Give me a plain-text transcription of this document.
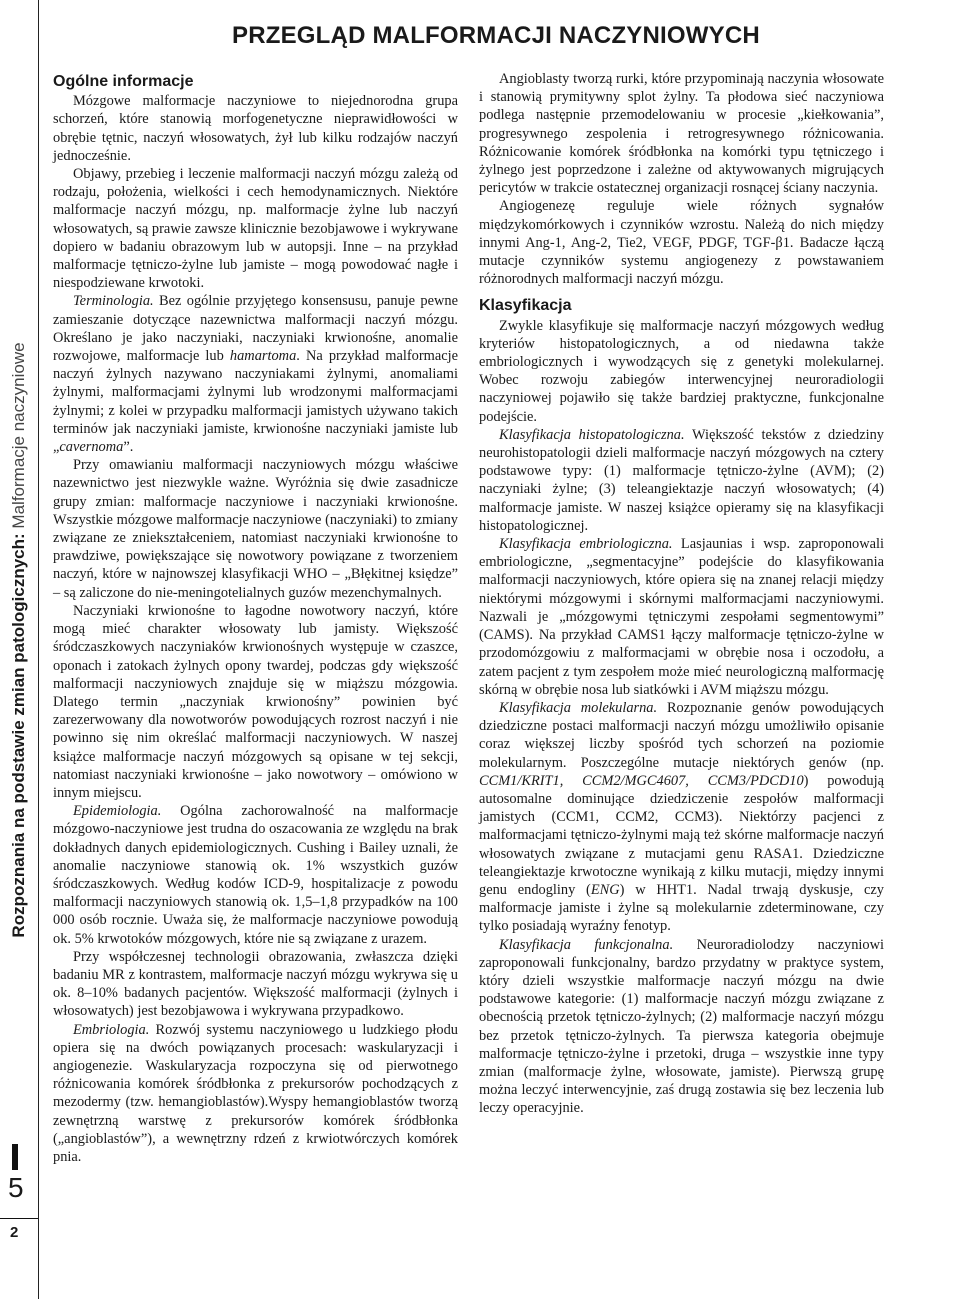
Rozpoznania na podstawie zmian patologicznych: Malformacje naczyniowe
5
2
PRZEGLĄD MALFORMACJI NACZYNIOWYCH
Ogólne informacje

Mózgowe malformacje naczyniowe to niejednorodna grupa schorzeń, które stanowią morfogenetyczne nieprawidłowości w obrębie tętnic, naczyń włosowatych, żył lub kilku rodzajów naczyń jednocześnie.

Objawy, przebieg i leczenie malformacji naczyń mózgu zależą od rodzaju, położenia, wielkości i cech hemodynamicznych. Niektóre malformacje naczyń mózgu, np. malformacje żylne lub naczyń włosowatych, są prawie zawsze klinicznie bezobjawowe i wykrywane dopiero w badaniu obrazowym lub w autopsji. Inne – na przykład malformacje tętniczo-żylne lub jamiste – mogą powodować nagłe i niespodziewane krwotoki.

Terminologia. Bez ogólnie przyjętego konsensusu, panuje pewne zamieszanie dotyczące nazewnictwa malformacji naczyń mózgu. Określano je jako naczyniaki, naczyniaki krwionośne, anomalie rozwojowe, malformacje lub hamartoma. Na przykład malformacje naczyń żylnych nazywano naczyniakami żylnymi, anomaliami żylnymi, malformacjami żylnymi lub wrodzonymi malformacjami żylnymi; z kolei w przypadku malformacji jamistych używano takich terminów jak naczyniaki jamiste, krwionośne naczyniaki jamiste lub „cavernoma”.

Przy omawianiu malformacji naczyniowych mózgu właściwe nazewnictwo jest niezwykle ważne. Wyróżnia się dwie zasadnicze grupy zmian: malformacje naczyniowe i naczyniaki krwionośne. Wszystkie mózgowe malformacje naczyniowe (naczyniaki) to zmiany związane ze zniekształceniem, natomiast naczyniaki krwionośne to prawdziwe, powiększające się nowotwory powiązane z tworzeniem naczyń, które w najnowszej klasyfikacji WHO – „Błękitnej księdze” – są zaliczone do nie-meningotelialnych guzów mezenchymalnych.

Naczyniaki krwionośne to łagodne nowotwory naczyń, które mogą mieć charakter włosowaty lub jamisty. Większość śródczaszkowych naczyniaków krwionośnych występuje w czaszce, oponach i zatokach żylnych opony twardej, podczas gdy większość malformacji naczyniowych znajduje się w miąższu mózgowia. Dlatego termin „naczyniak krwionośny” powinien być zarezerwowany dla nowotworów powodujących rozrost naczyń i nie powinno się nim określać malformacji naczyniowych. W naszej książce malformacje naczyń mózgowych są opisane w tej sekcji, natomiast naczyniaki krwionośne – jako nowotwory – omówiono w innym miejscu.

Epidemiologia. Ogólna zachorowalność na malformacje mózgowo-naczyniowe jest trudna do oszacowania ze względu na brak dokładnych danych epidemiologicznych. Cushing i Bailey uznali, że anomalie naczyniowe stanowią ok. 1% wszystkich guzów śródczaszkowych. Według kodów ICD-9, hospitalizacje z powodu malformacji naczyniowych stanowią ok. 1,5–1,8 przypadków na 100 000 osób rocznie. Uważa się, że malformacje naczyniowe powodują ok. 5% krwotoków mózgowych, które nie są związane z urazem.

Przy współczesnej technologii obrazowania, zwłaszcza dzięki badaniu MR z kontrastem, malformacje naczyń mózgu wykrywa się u ok. 8–10% badanych pacjentów. Większość malformacji (żylnych i włosowatych) jest bezobjawowa i wykrywana przypadkowo.

Embriologia. Rozwój systemu naczyniowego u ludzkiego płodu opiera się na dwóch powiązanych procesach: waskularyzacji i angiogenezie. Waskularyzacja rozpoczyna się od pierwotnego różnicowania komórek śródbłonka z prekursorów pochodzących z mezodermy (tzw. hemangioblastów).Wyspy hemangioblastów tworzą zewnętrzną warstwę z prekursorów komórek śródbłonka („angioblastów”), a wewnętrzny rdzeń z krwiotwórczych komórek pnia.

Angioblasty tworzą rurki, które przypominają naczynia włosowate i stanowią prymitywny splot żylny. Ta płodowa sieć naczyniowa podlega następnie przemodelowaniu w procesie „kiełkowania”, progresywnego zespolenia i retrogresywnego różnicowania. Różnicowanie komórek śródbłonka na komórki typu tętniczego i żylnego jest poprzedzone i zależne od aktywowanych migrujących pericytów w trakcie ostatecznej organizacji rosnącej ściany naczynia.

Angiogenezę reguluje wiele różnych sygnałów międzykomórkowych i czynników wzrostu. Należą do nich między innymi Ang-1, Ang-2, Tie2, VEGF, PDGF, TGF-β1. Badacze łączą mutacje czynników systemu angiogenezy z powstawaniem różnorodnych malformacji naczyń mózgu.

Klasyfikacja

Zwykle klasyfikuje się malformacje naczyń mózgowych według kryteriów histopatologicznych, a od niedawna także embriologicznych i wywodzących się z genetyki molekularnej. Wobec rozwoju zabiegów interwencyjnej neuroradiologii naczyniowej pojawiło się także bardziej praktyczne, funkcjonalne podejście.

Klasyfikacja histopatologiczna. Większość tekstów z dziedziny neurohistopatologii dzieli malformacje naczyń mózgowych na cztery podstawowe typy: (1) malformacje tętniczo-żylne (AVM); (2) naczyniaki żylne; (3) teleangiektazje naczyń włosowatych; (4) malformacje jamiste. W naszej książce opieramy się na klasyfikacji histopatologicznej.

Klasyfikacja embriologiczna. Lasjaunias i wsp. zaproponowali embriologiczne, „segmentacyjne” podejście do klasyfikowania malformacji naczyniowych, które opiera się na znanej relacji między niektórymi mózgowymi i skórnymi malformacjami naczyniowymi. Nazwali je „mózgowymi tętniczymi zespołami segmentowymi” (CAMS). Na przykład CAMS1 łączy malformacje tętniczo-żylne w przodomózgowiu z malformacjami w obrębie nosa i oczodołu, a zatem pacjent z tym zespołem może mieć neurologiczną malformację skórną w obrębie nosa lub siatkówki i AVM miąższu mózgu.

Klasyfikacja molekularna. Rozpoznanie genów powodujących dziedziczne postaci malformacji naczyń mózgu umożliwiło opisanie coraz większej liczby spośród tych schorzeń na poziomie molekularnym. Poszczególne mutacje niektórych genów (np. CCM1/KRIT1, CCM2/MGC4607, CCM3/PDCD10) powodują autosomalne dominujące dziedziczenie zespołów malformacji jamistych (CCM1, CCM2, CCM3). Niektórzy pacjenci z malformacjami tętniczo-żylnymi mają też skórne malformacje naczyń włosowatych związane z mutacjami genu RASA1. Dziedziczne teleangiektazje krwotoczne wynikają z kilku mutacji, między innymi genu endogliny (ENG) w HHT1. Nadal trwają dyskusje, czy malformacje jamiste i żylne są molekularnie zdeterminowane, czy tylko posiadają wyraźny fenotyp.

Klasyfikacja funkcjonalna. Neuroradiolodzy naczyniowi zaproponowali funkcjonalny, bardzo przydatny w praktyce system, który dzieli wszystkie malformacje naczyń mózgu na dwie podstawowe kategorie: (1) malformacje naczyń mózgu związane z obecnością przetok tętniczo-żylnych; (2) malformacje naczyń mózgu bez przetok tętniczo-żylnych. Ta pierwsza kategoria obejmuje malformacje tętniczo-żylne i przetoki, druga – wszystkie inne typy zmian (malformacje żylne, włosowate, jamiste). Pierwszą grupę można leczyć interwencyjnie, zaś drugą zostawia się bez leczenia lub leczy operacyjnie.
